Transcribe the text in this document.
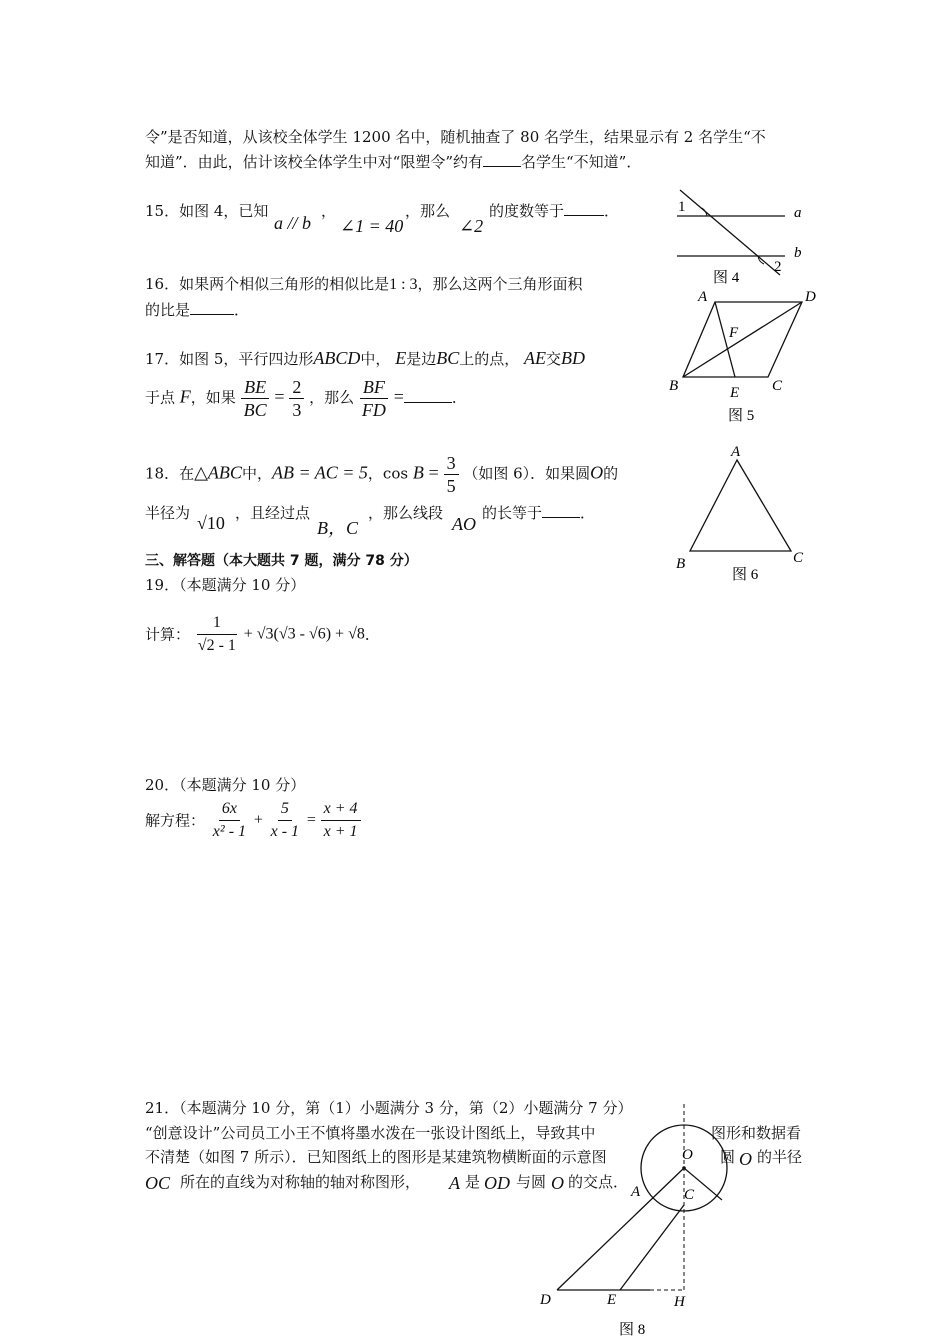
令”是否知道，从该校全体学生 1200 名中，随机抽查了 80 名学生，结果显示有 2 名学生“不
知道”．由此，估计该校全体学生中对“限塑令”约有	名学生“不知道”．
15．如图 4，已知
a // b
，
∠1 = 40
，那么
∠2
的度数等于	．
16．如果两个相似三角形的相似比是1 : 3，那么这两个三角形面积
的比是	．
17．如图 5，平行四边形ABCD中， E是边BC上的点， AE交BD
于点 F，如果 $\frac{BE}{BC} = \frac{2}{3}$ ，那么 $\frac{BF}{FD}$ =	．
18．在△ABC中，AB = AC = 5，$\cos B = \frac{3}{5}$ （如图 6）．如果圆O的
半径为 √10 ，且经过点
B，C
，那么线段
AO
的长等于	．
三、解答题（本大题共 7 题，满分 78 分）
19．（本题满分 10 分）
计算： $\frac{1}{√2 - 1} + √3(√3 - √6) + √8$．
20．（本题满分 10 分）
解方程： $\frac{6x}{\text{x² - 1}} + \frac{5}{x - 1} = \frac{x + 4}{x + 1}$
21．（本题满分 10 分，第（1）小题满分 3 分，第（2）小题满分 7 分）
“创意设计”公司员工小王不慎将墨水泼在一张设计图纸上，导致其中	图形和数据看
不清楚（如图 7 所示）．已知图纸上的图形是某建筑物横断面的示意图	圆 O 的半径
OC 所在的直线为对称轴的轴对称图形， A 是 OD 与圆 O 的交点．
1
2
a
b
图 4
A	D
B	C
E
F
图 5
A
B	C
图 6
O
A	C
D	E	H
图 8
